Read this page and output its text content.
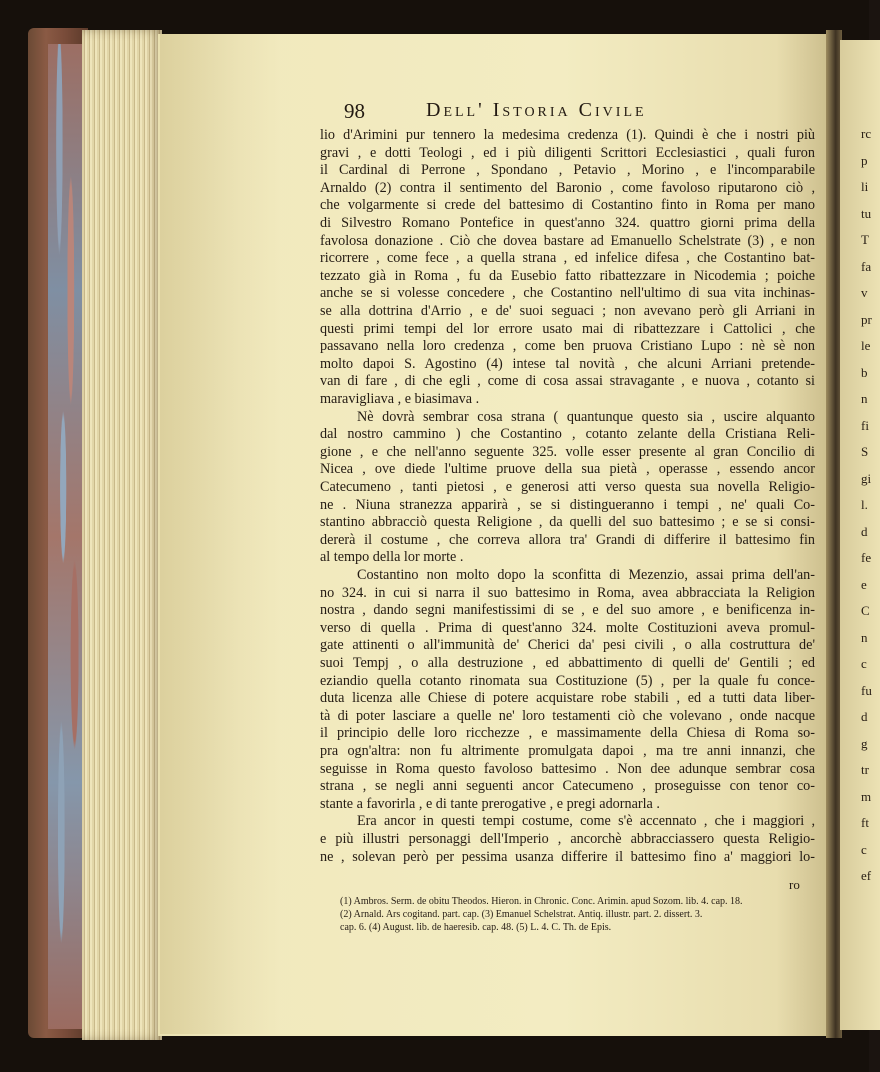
98	Dell' Istoria Civile
lio d'Arimini pur tennero la medesima credenza (1). Quindi è che i nostri più
gravi , e dotti Teologi , ed i più diligenti Scrittori Ecclesiastici , quali furon
il Cardinal di Perrone , Spondano , Petavio , Morino , e l'incomparabile
Arnaldo (2) contra il sentimento del Baronio , come favoloso riputarono ciò ,
che volgarmente si crede del battesimo di Costantino finto in Roma per mano
di Silvestro Romano Pontefice in quest'anno 324. quattro giorni prima della
favolosa donazione . Ciò che dovea bastare ad Emanuello Schelstrate (3) , e non
ricorrere , come fece , a quella strana , ed infelice difesa , che Costantino bat-
tezzato già in Roma , fu da Eusebio fatto ribattezzare in Nicodemia ; poiche
anche se si volesse concedere , che Costantino nell'ultimo di sua vita inchinas-
se alla dottrina d'Arrio , e de' suoi seguaci ; non avevano però gli Arriani in
questi primi tempi del lor errore usato mai di ribattezzare i Cattolici , che
passavano nella loro credenza , come ben pruova Cristiano Lupo : nè sè non
molto dapoi S. Agostino (4) intese tal novità , che alcuni Arriani pretende-
van di fare , di che egli , come di cosa assai stravagante , e nuova , cotanto si
maravigliava , e biasimava .
Nè dovrà sembrar cosa strana ( quantunque questo sia , uscire alquanto
dal nostro cammino ) che Costantino , cotanto zelante della Cristiana Reli-
gione , e che nell'anno seguente 325. volle esser presente al gran Concilio di
Nicea , ove diede l'ultime pruove della sua pietà , operasse , essendo ancor
Catecumeno , tanti pietosi , e generosi atti verso questa sua novella Religio-
ne . Niuna stranezza apparirà , se si distingueranno i tempi , ne' quali Co-
stantino abbracciò questa Religione , da quelli del suo battesimo ; e se si consi-
dererà il costume , che correva allora tra' Grandi di differire il battesimo fin
al tempo della lor morte .
Costantino non molto dopo la sconfitta di Mezenzio, assai prima dell'an-
no 324. in cui si narra il suo battesimo in Roma, avea abbracciata la Religion
nostra , dando segni manifestissimi di se , e del suo amore , e benificenza in-
verso di quella . Prima di quest'anno 324. molte Costituzioni aveva promul-
gate attinenti o all'immunità de' Cherici da' pesi civili , o alla costruttura de'
suoi Tempj , o alla destruzione , ed abbattimento di quelli de' Gentili ; ed
eziandio quella cotanto rinomata sua Costituzione (5) , per la quale fu conce-
duta licenza alle Chiese di potere acquistare robe stabili , ed a tutti data liber-
tà di poter lasciare a quelle ne' loro testamenti ciò che volevano , onde nacque
il principio delle loro ricchezze , e massimamente della Chiesa di Roma so-
pra ogn'altra: non fu altrimente promulgata dapoi , ma tre anni innanzi, che
seguisse in Roma questo favoloso battesimo . Non dee adunque sembrar cosa
strana , se negli anni seguenti ancor Catecumeno , proseguisse con tenor co-
stante a favorirla , e di tante prerogative , e pregi adornarla .
Era ancor in questi tempi costume, come s'è accennato , che i maggiori ,
e più illustri personaggi dell'Imperio , ancorchè abbracciassero questa Religio-
ne , solevan però per pessima usanza differire il battesimo fino a' maggiori lo-
rc
p
li
tu
T
fa
v
pr
le
b
n
fi
S
gi
l.
d
fe
e
C
n
c
fu
d
g
tr
m
ft
c
ef
ro
(1) Ambros. Serm. de obitu Theodos. Hieron. in Chronic. Conc. Arimin. apud Sozom. lib. 4. cap. 18.
(2) Arnald. Ars cogitand. part. cap. (3) Emanuel Schelstrat. Antiq. illustr. part. 2. dissert. 3.
cap. 6. (4) August. lib. de haeresib. cap. 48. (5) L. 4. C. Th. de Epis.
